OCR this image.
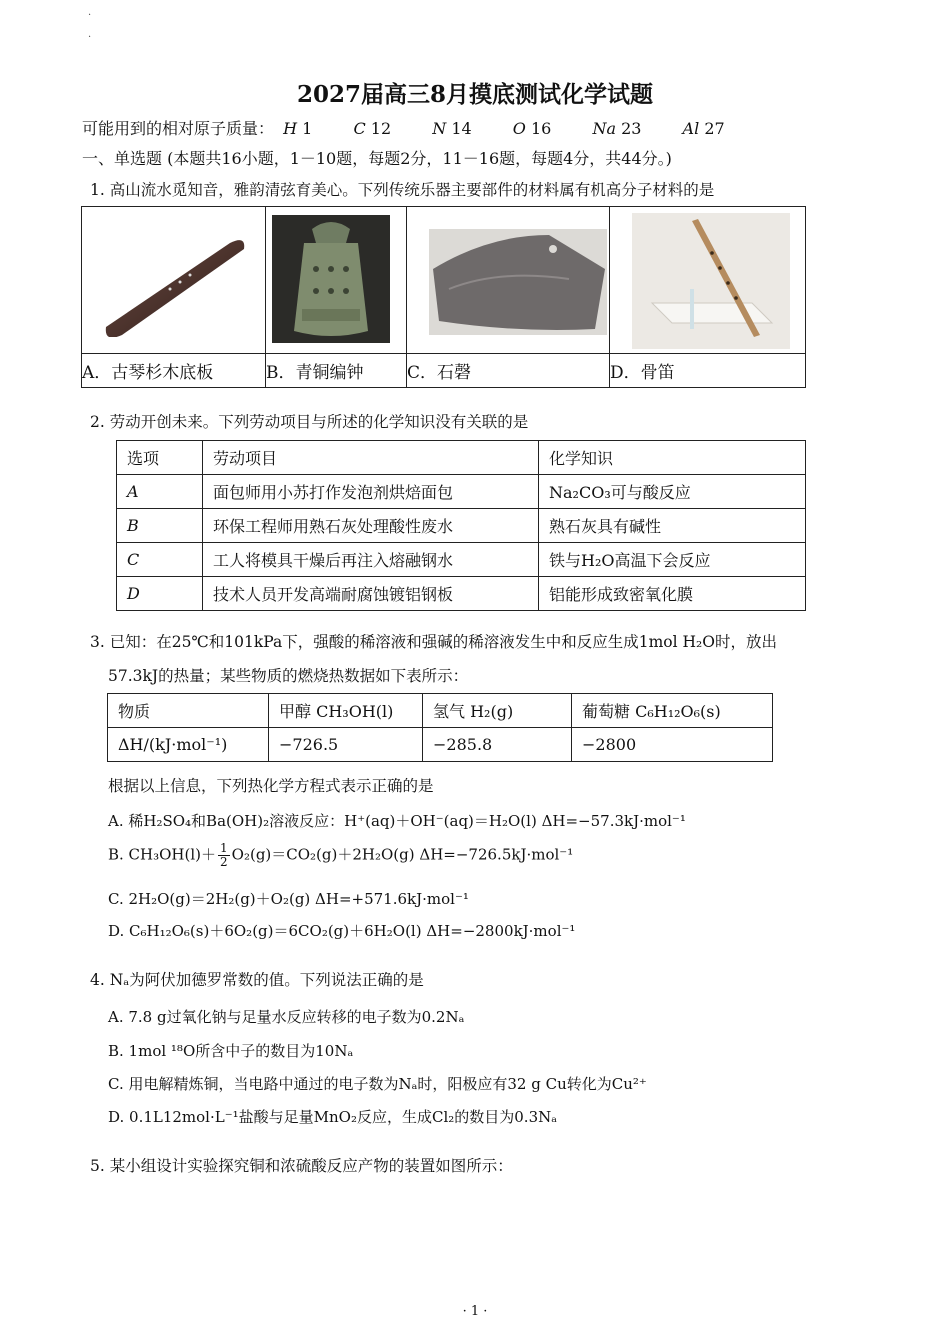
·
·
2027届高三8月摸底测试化学试题
可能用到的相对原子质量： H 1	C 12	N 14	O 16	Na 23	Al 27
一、单选题 (本题共16小题，1－10题，每题2分，11－16题，每题4分，共44分。)
1. 高山流水觅知音，雅韵清弦育美心。下列传统乐器主要部件的材料属有机高分子材料的是

A．古琴杉木底板	B．青铜编钟	C．石磬	D．骨笛
2. 劳动开创未来。下列劳动项目与所述的化学知识没有关联的是
选项	劳动项目	化学知识
A	面包师用小苏打作发泡剂烘焙面包	Na₂CO₃可与酸反应
B	环保工程师用熟石灰处理酸性废水	熟石灰具有碱性
C	工人将模具干燥后再注入熔融钢水	铁与H₂O高温下会反应
D	技术人员开发高端耐腐蚀镀铝钢板	铝能形成致密氧化膜
3. 已知：在25℃和101kPa下，强酸的稀溶液和强碱的稀溶液发生中和反应生成1mol H₂O时，放出
57.3kJ的热量；某些物质的燃烧热数据如下表所示：
物质	甲醇 CH₃OH(l)	氢气 H₂(g)	葡萄糖 C₆H₁₂O₆(s)
ΔH/(kJ·mol⁻¹)	−726.5	−285.8	−2800
根据以上信息，下列热化学方程式表示正确的是
A. 稀H₂SO₄和Ba(OH)₂溶液反应：H⁺(aq)＋OH⁻(aq)＝H₂O(l) ΔH=−57.3kJ·mol⁻¹
B. $CH_3OH(l)+ \frac{1}{2} O_2(g)=CO_2(g)+2H_2O(g)$ ΔH=−726.5kJ·mol⁻¹
C. 2H₂O(g)＝2H₂(g)＋O₂(g) ΔH=+571.6kJ·mol⁻¹
D. C₆H₁₂O₆(s)＋6O₂(g)＝6CO₂(g)＋6H₂O(l) ΔH=−2800kJ·mol⁻¹
4. Nₐ为阿伏加德罗常数的值。下列说法正确的是
A. 7.8 g过氧化钠与足量水反应转移的电子数为0.2Nₐ
B. 1mol ¹⁸O所含中子的数目为10Nₐ
C. 用电解精炼铜，当电路中通过的电子数为Nₐ时，阳极应有32 g Cu转化为Cu²⁺
D. 0.1L12mol·L⁻¹盐酸与足量MnO₂反应，生成Cl₂的数目为0.3Nₐ
5. 某小组设计实验探究铜和浓硫酸反应产物的装置如图所示：
· 1 ·
